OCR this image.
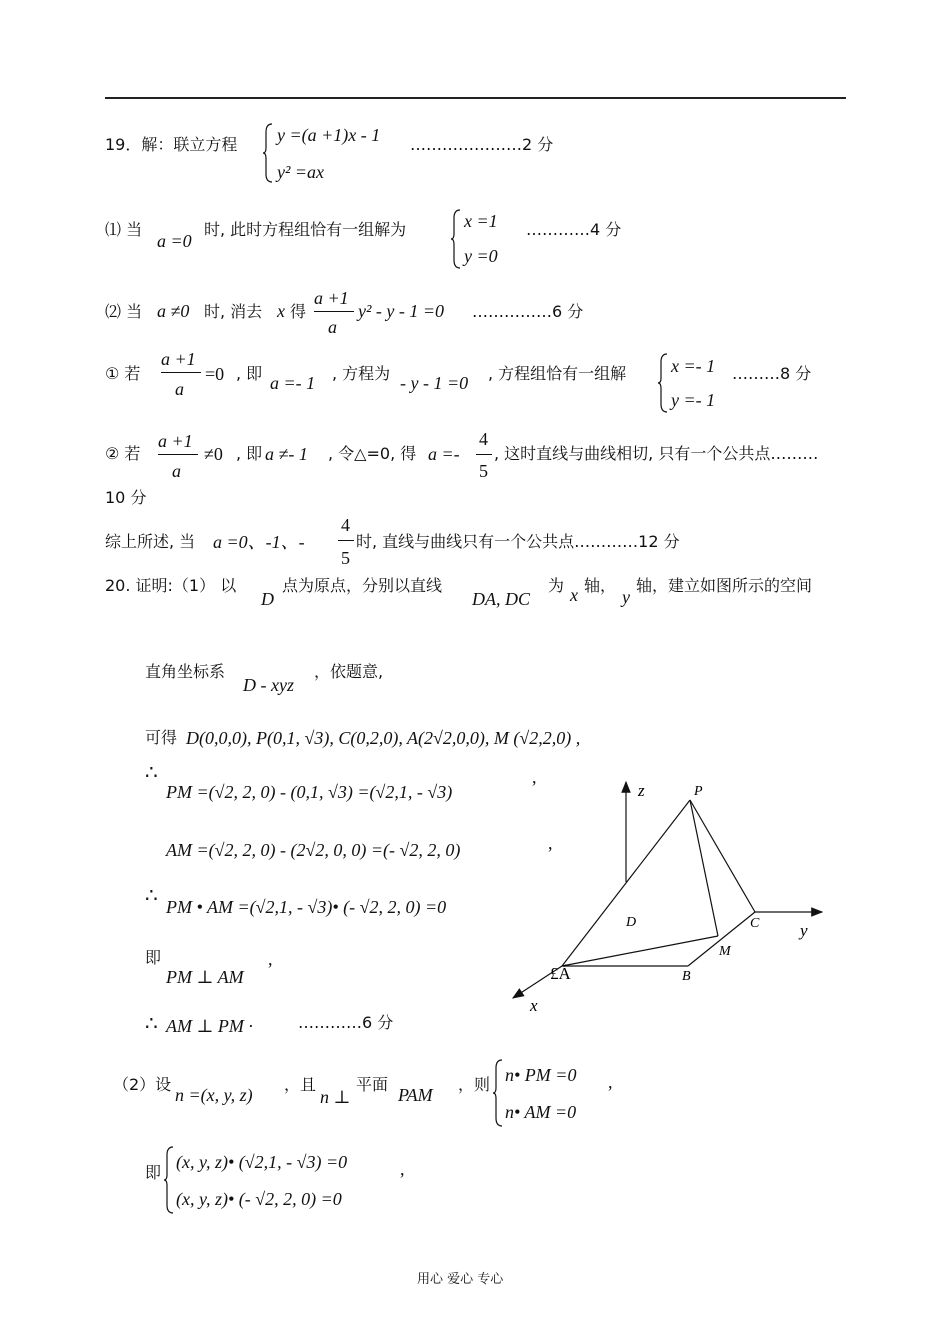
19．解：联立方程 y =(a +1)x - 1
y² =ax
…………………2 分
⑴ 当
a =0
时, 此时方程组恰有一组解为	x =1
y =0
…………4 分
⑵ 当 a ≠0 时, 消去 x 得
a +1
a
y² - y - 1 =0 ……………6 分
① 若
a +1
a
=0 , 即 a =- 1 , 方程为 - y - 1 =0 , 方程组恰有一组解 x =- 1
y =- 1
………8 分
② 若
a +1
a
≠0 , 即 a ≠- 1 , 令△=0, 得 a =-
4
5
, 这时直线与曲线相切, 只有一个公共点………
10 分
综上所述, 当 a =0、-1、-
4
5
时, 直线与曲线只有一个公共点…………12 分
20. 证明:（1） 以
D
点为原点，分别以直线
DA, DC
为 x 轴，
y
轴，建立如图所示的空间
直角坐标系
D - xyz
，依题意,
可得 D(0,0,0), P(0,1, √3), C(0,2,0), A(2√2,0,0), M (√2,2,0) ,
∴
PM =(√2, 2, 0) - (0,1, √3) =(√2,1, - √3)
,
AM =(√2, 2, 0) - (2√2, 0, 0) =(- √2, 2, 0)	,
∴ PM • AM =(√2,1, - √3)• (- √2, 2, 0) =0
即
PM ⊥ AM
,
∴ AM ⊥ PM ·	…………6 分
（2）设
n =(x, y, z)
，且
n ⊥
平面
PAM
，则 n• PM =0
n• AM =0
,
即
(x, y, z)• (√2,1, - √3) =0
(x, y, z)• (- √2, 2, 0) =0
,
z	P
D	C y
M
£Á	B
x
用心 爱心 专心
